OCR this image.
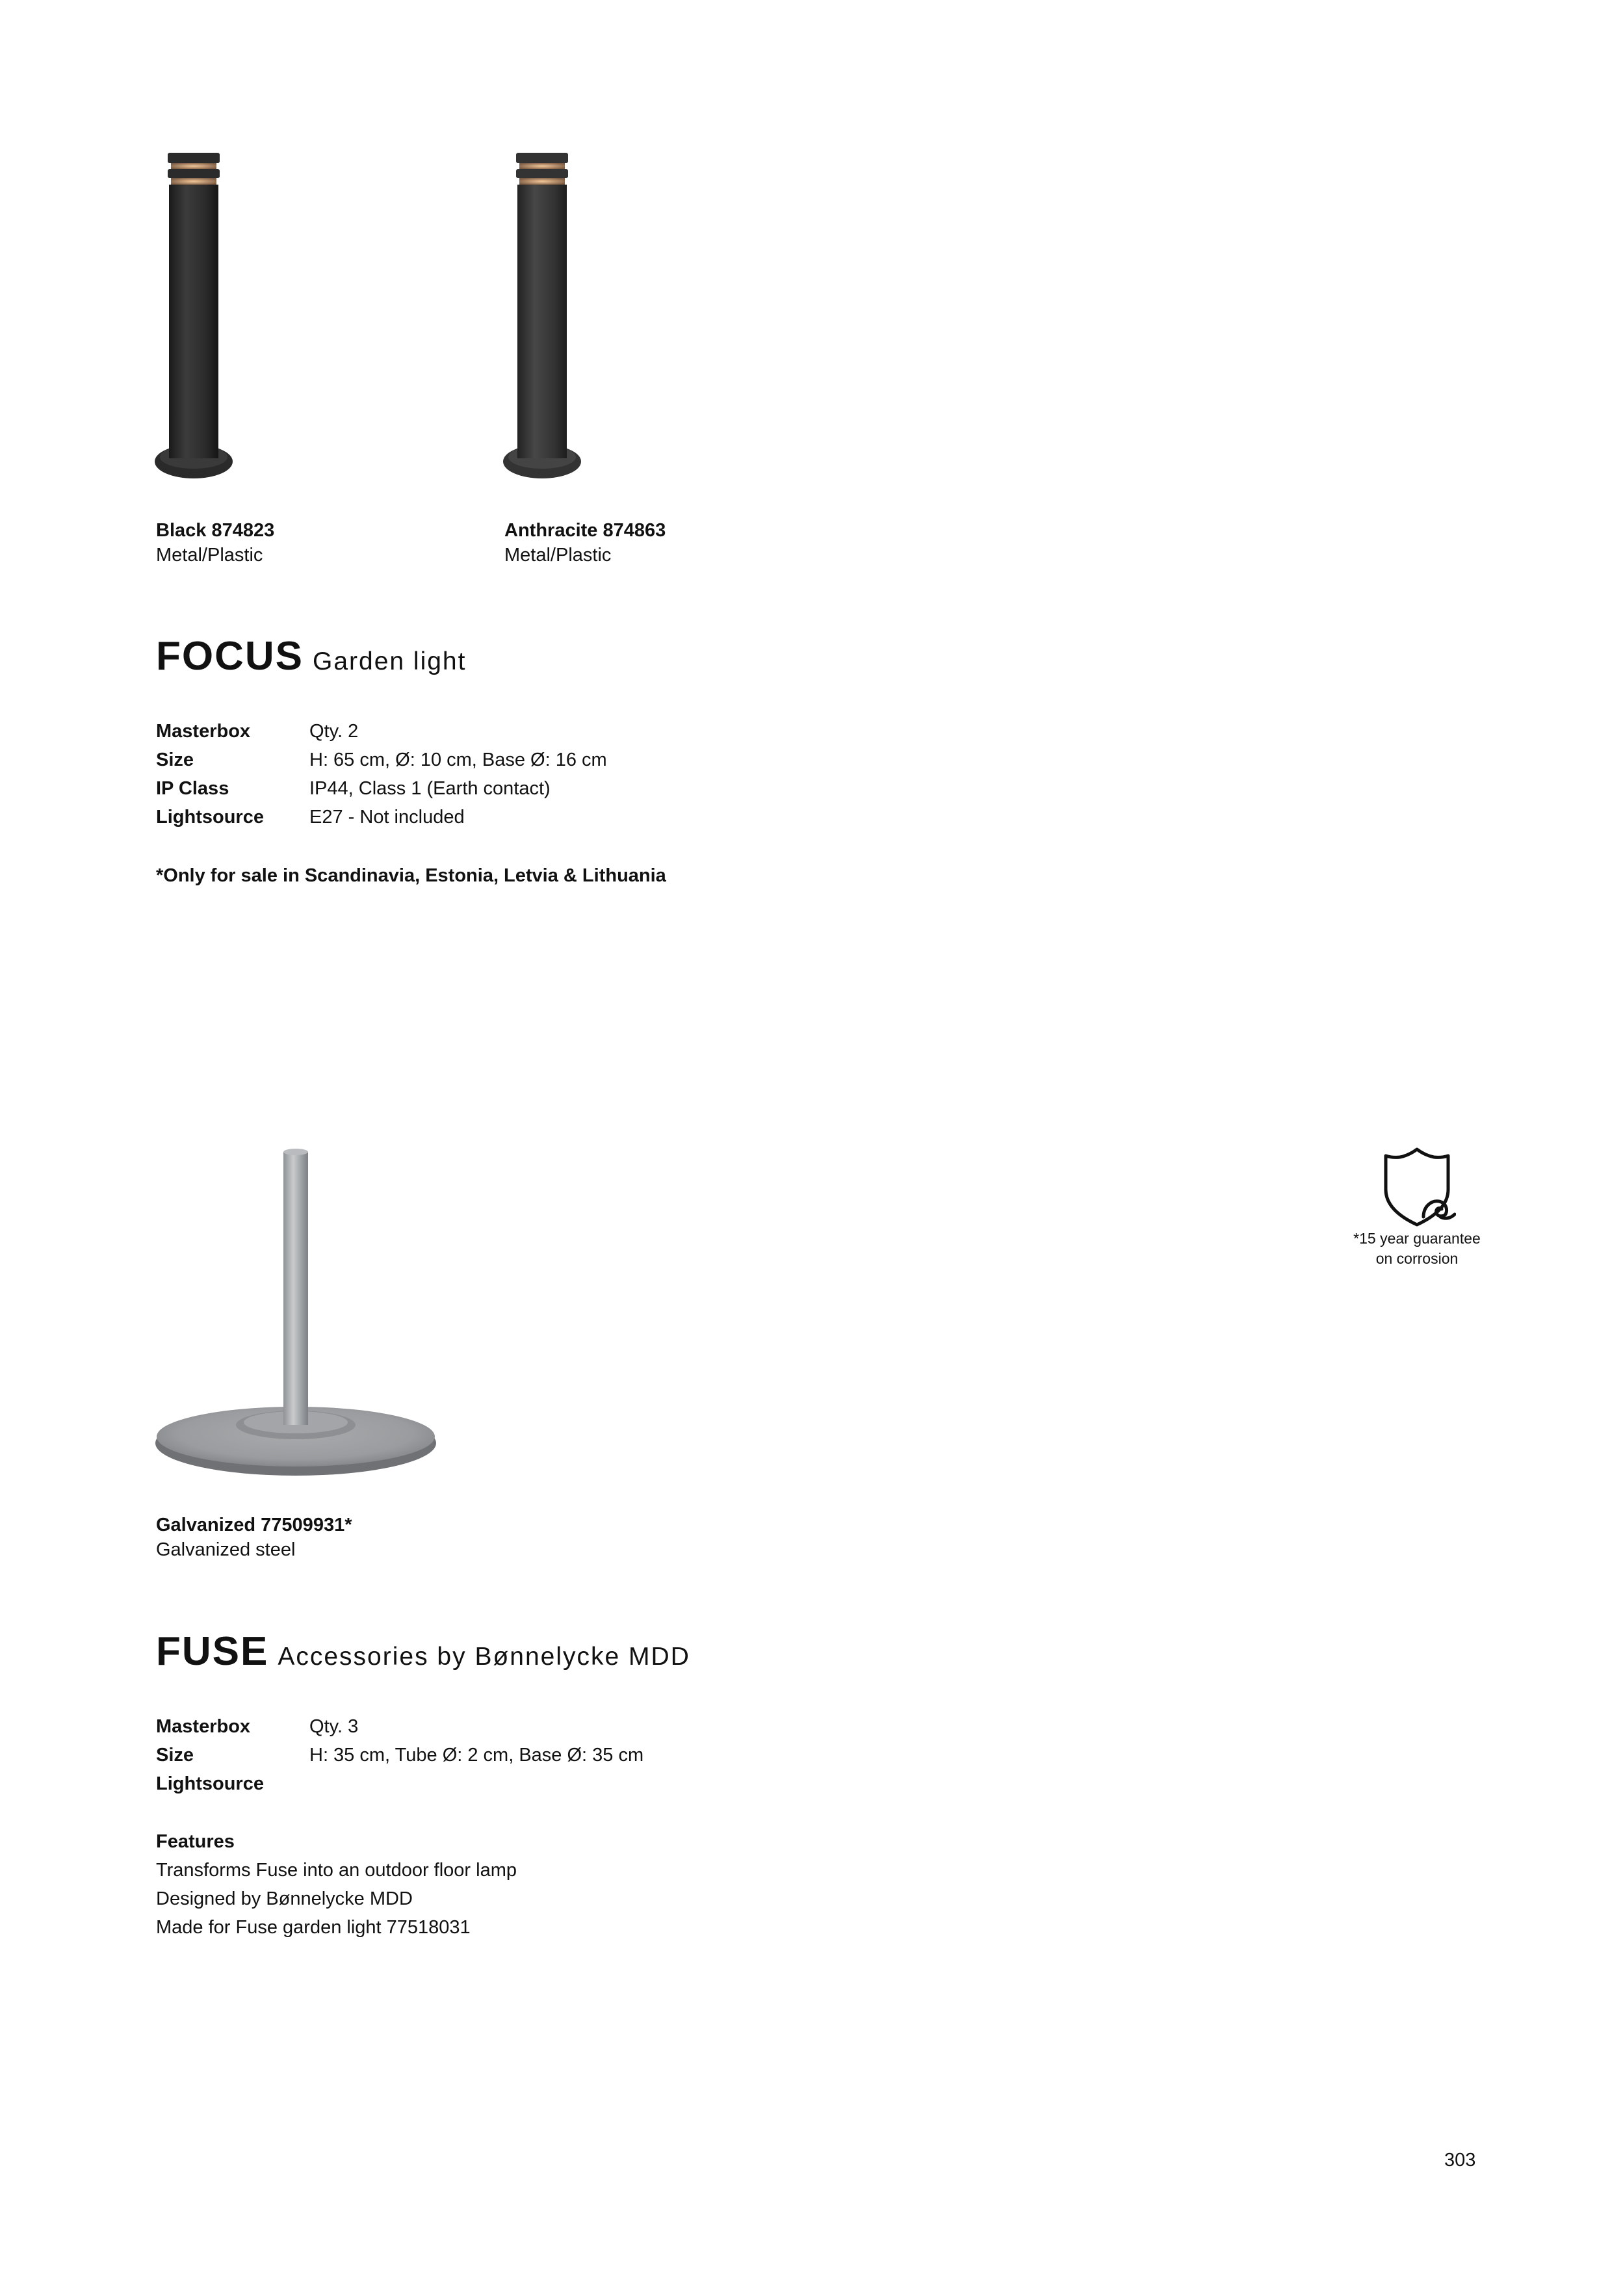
Black 874823
Metal/Plastic
Anthracite 874863
Metal/Plastic
FOCUS Garden light
Masterbox	Qty. 2
Size	H: 65 cm, Ø: 10 cm, Base Ø: 16 cm
IP Class	IP44, Class 1 (Earth contact)
Lightsource	E27 - Not included
*Only for sale in Scandinavia, Estonia, Letvia & Lithuania
*15 year guarantee
on corrosion
Galvanized 77509931*
Galvanized steel
FUSE Accessories by Bønnelycke MDD
Masterbox	Qty. 3
Size	H: 35 cm, Tube Ø: 2 cm, Base Ø: 35 cm
Lightsource	
Features
Transforms Fuse into an outdoor floor lamp
Designed by Bønnelycke MDD
Made for Fuse garden light 77518031
303
